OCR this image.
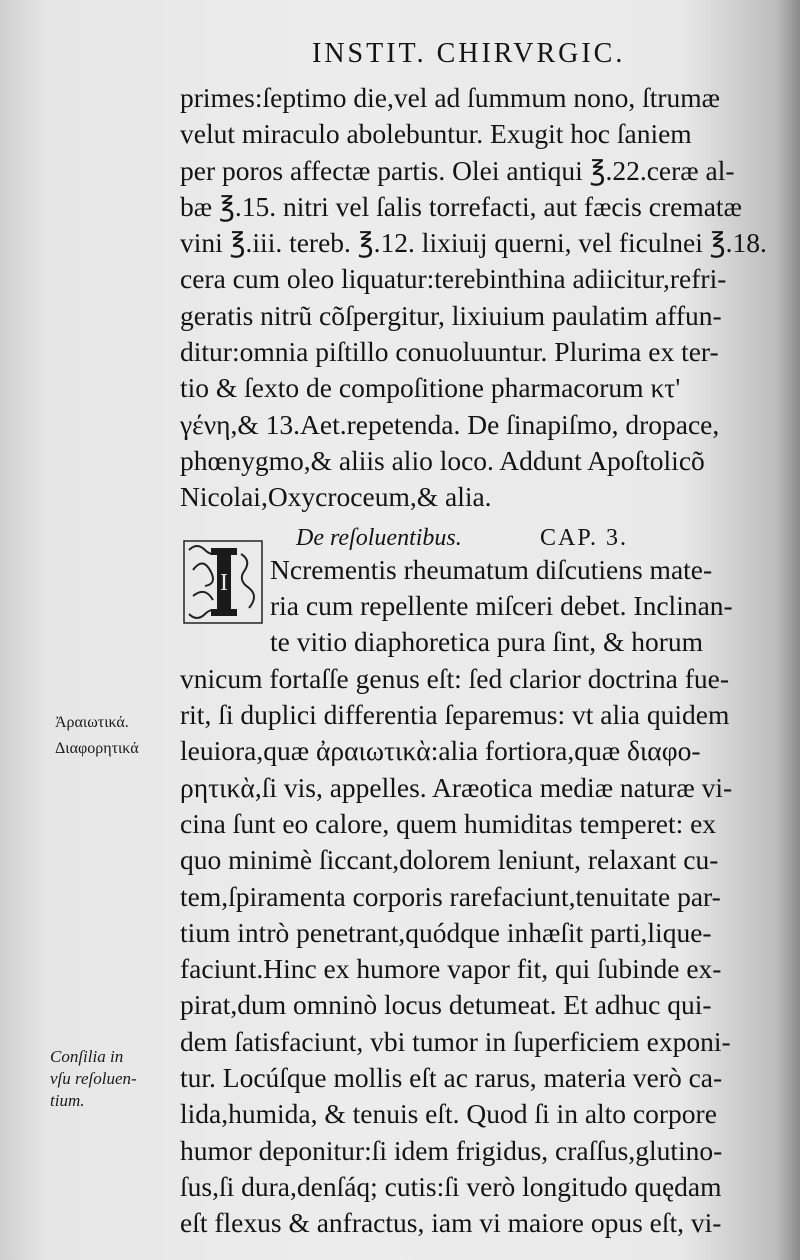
INSTIT. CHIRVRGIC.
primes:ſeptimo die,vel ad ſummum nono, ſtrumæ
velut miraculo abolebuntur. Exugit hoc ſaniem
per poros affectæ partis. Olei antiqui ℥.22.ceræ al-
bæ ℥.15. nitri vel ſalis torrefacti, aut fæcis crematæ
vini ℥.iii. tereb. ℥.12. lixiuij querni, vel ficulnei ℥.18.
cera cum oleo liquatur:terebinthina adiicitur,refri-
geratis nitrũ cõſpergitur, lixiuium paulatim affun-
ditur:omnia piſtillo conuoluuntur. Plurima ex ter-
tio & ſexto de compoſitione pharmacorum κτ'
γένη,& 13.Aet.repetenda. De ſinapiſmo, dropace,
phœnygmo,& aliis alio loco. Addunt Apoſtolicõ
Nicolai,Oxycroceum,& alia.
De reſoluentibus.	CAP. 3.
Ncrementis rheumatum diſcutiens mate-
ria cum repellente miſceri debet. Inclinan-
te vitio diaphoretica pura ſint, & horum
vnicum fortaſſe genus eſt: ſed clarior doctrina fue-
rit, ſi duplici differentia ſeparemus: vt alia quidem
leuiora,quæ ἀραιωτικὰ:alia fortiora,quæ διαφο-
ρητικὰ,ſi vis, appelles. Aræotica mediæ naturæ vi-
cina ſunt eo calore, quem humiditas temperet: ex
quo minimè ſiccant,dolorem leniunt, relaxant cu-
tem,ſpiramenta corporis rarefaciunt,tenuitate par-
tium intrò penetrant,quódque inhæſit parti,lique-
faciunt.Hinc ex humore vapor fit, qui ſubinde ex-
pirat,dum omninò locus detumeat. Et adhuc qui-
dem ſatisfaciunt, vbi tumor in ſuperficiem exponi-
tur. Locúſque mollis eſt ac rarus, materia verò ca-
lida,humida, & tenuis eſt. Quod ſi in alto corpore
humor deponitur:ſi idem frigidus, craſſus,glutino-
ſus,ſi dura,denſáq; cutis:ſi verò longitudo quędam
eſt flexus & anfractus, iam vi maiore opus eſt, vi-
I
Ἀραιωτικά.
Διαφορητικά
Conſilia in
vſu reſoluen-
tium.
